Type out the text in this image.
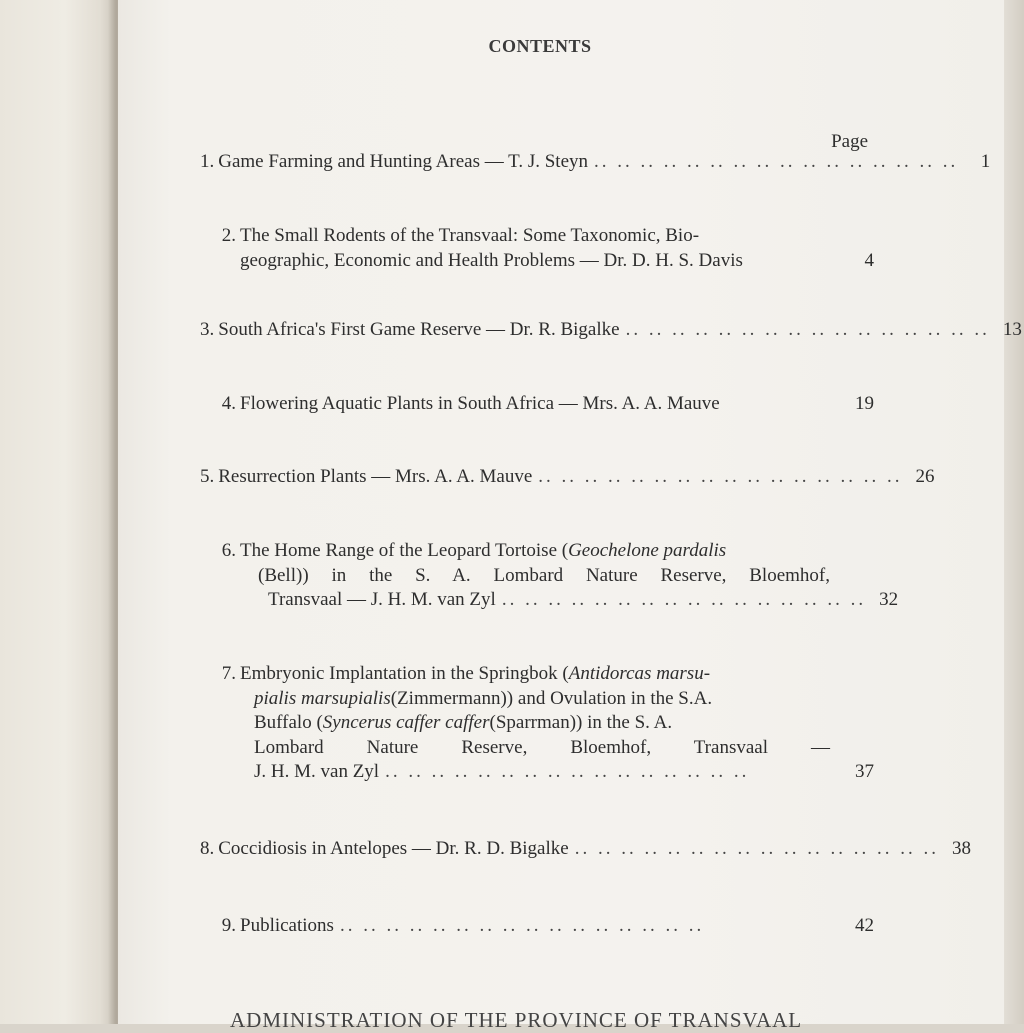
CONTENTS
Page
1. Game Farming and Hunting Areas — T. J. Steyn .. .. .. .. .. .. .. .. .. .. .. .. .. .. .. ..	1
2. The Small Rodents of the Transvaal: Some Taxonomic, Bio-
geographic, Economic and Health Problems — Dr. D. H. S. Davis	4
3. South Africa's First Game Reserve — Dr. R. Bigalke .. .. .. .. .. .. .. .. .. .. .. .. .. .. .. .. 13
4. Flowering Aquatic Plants in South Africa — Mrs. A. A. Mauve	19
5. Resurrection Plants — Mrs. A. A. Mauve .. .. .. .. .. .. .. .. .. .. .. .. .. .. .. .. 26
6. The Home Range of the Leopard Tortoise ( Geochelone pardalis
(Bell)) in the S. A. Lombard Nature Reserve, Bloemhof,
Transvaal — J. H. M. van Zyl .. .. .. .. .. .. .. .. .. .. .. .. .. .. .. .. 32
7. Embryonic Implantation in the Springbok ( Antidorcas marsu-
pialis marsupialis (Zimmermann)) and Ovulation in the S.A.
Buffalo ( Syncerus caffer caffer (Sparrman)) in the S. A.
Lombard Nature Reserve, Bloemhof, Transvaal —
J. H. M. van Zyl .. .. .. .. .. .. .. .. .. .. .. .. .. .. .. ..	37
8. Coccidiosis in Antelopes — Dr. R. D. Bigalke .. .. .. .. .. .. .. .. .. .. .. .. .. .. .. .. 38
9. Publications .. .. .. .. .. .. .. .. .. .. .. .. .. .. .. ..	42
ADMINISTRATION OF THE PROVINCE OF TRANSVAAL
